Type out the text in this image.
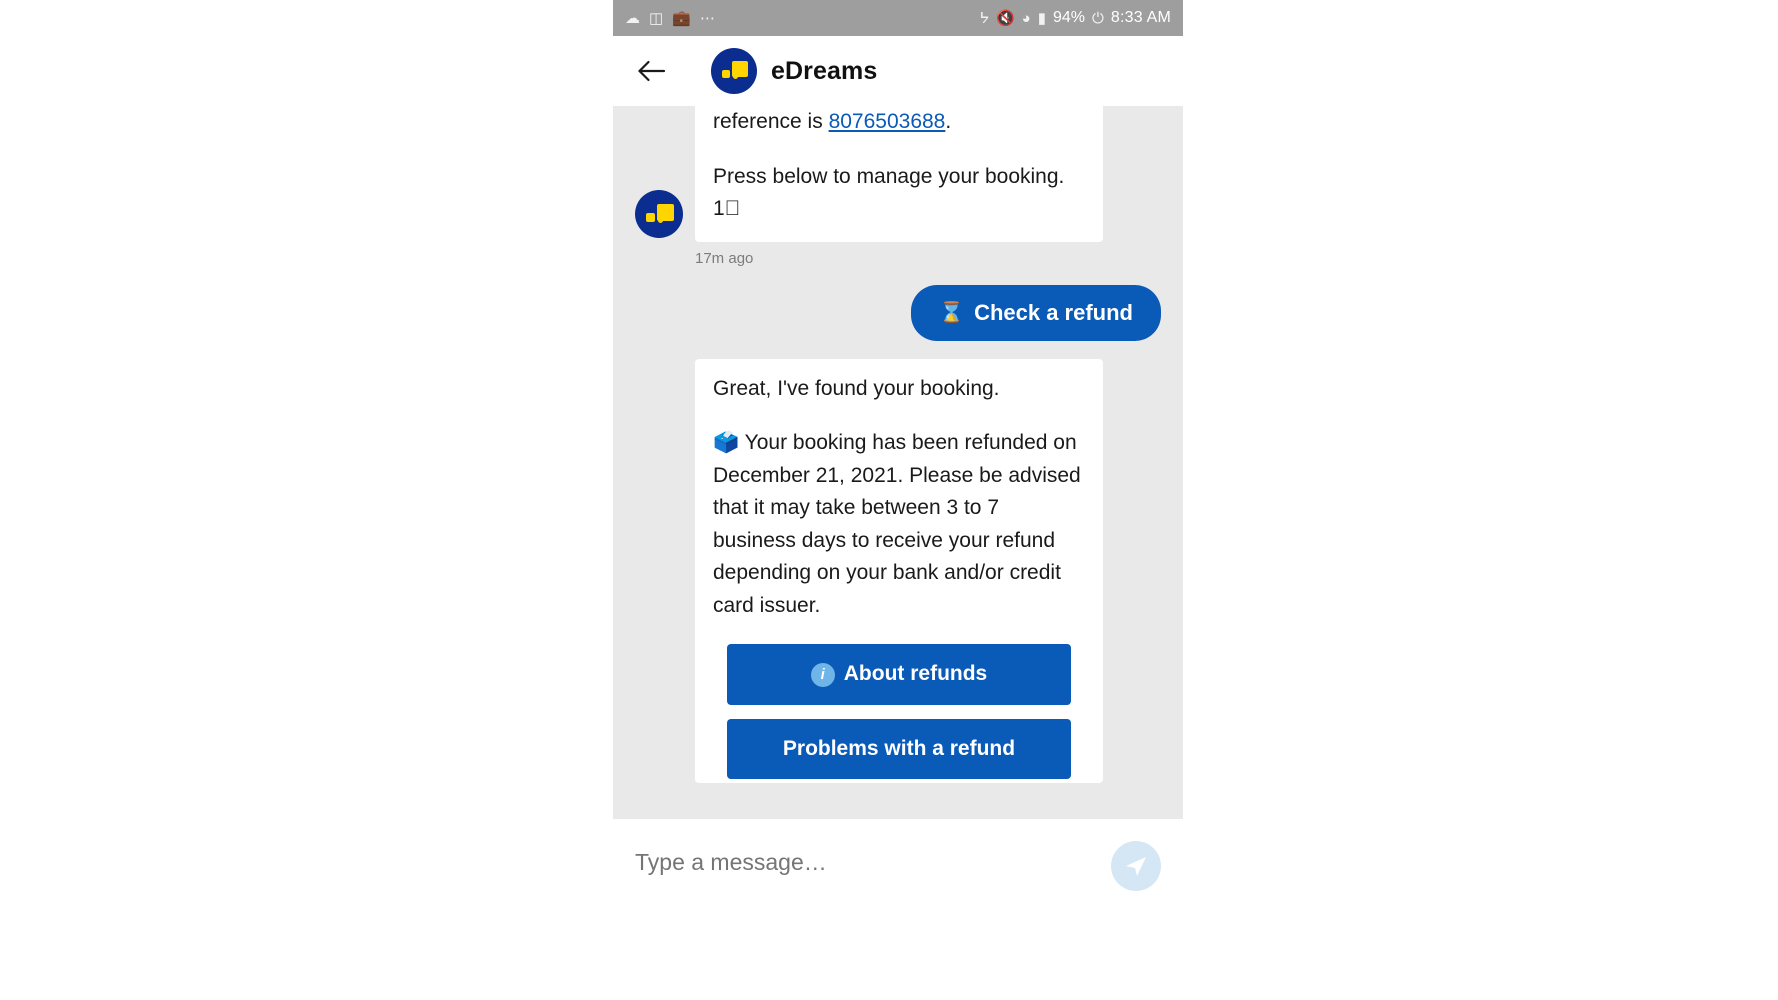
☁ ◫ 💼 ⋯	ᔭ 🔇 ◕ ▮ 94% ⏻ 8:33 AM
eDreams

reference is 8076503688.

Press below to manage your booking. 1⃣

17m ago
⌛ Check a refund

Great, I've found your booking.

🗳️ Your booking has been refunded on December 21, 2021. Please be advised that it may take between 3 to 7 business days to receive your refund depending on your bank and/or credit card issuer.

i About refunds
Problems with a refund
Type a message…
